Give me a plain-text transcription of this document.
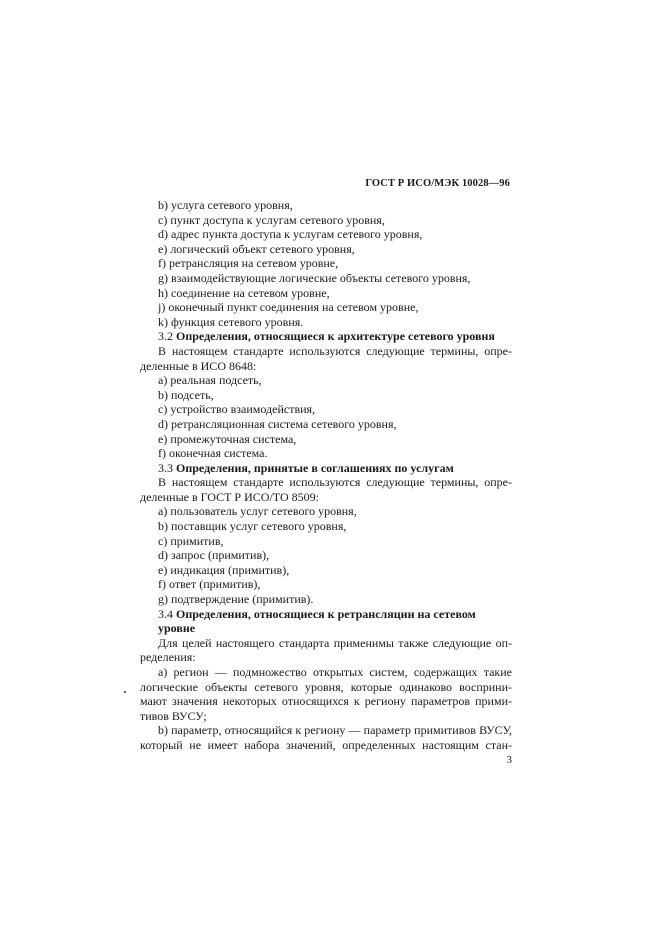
ГОСТ Р ИСО/МЭК 10028—96

b) услуга сетевого уровня,

c) пункт доступа к услугам сетевого уровня,

d) адрес пункта доступа к услугам сетевого уровня,

e) логический объект сетевого уровня,

f) ретрансляция на сетевом уровне,

g) взаимодействующие логические объекты сетевого уровня,

h) соединение на сетевом уровне,

j) оконечный пункт соединения на сетевом уровне,

k) функция сетевого уровня.

3.2 Определения, относящиеся к архитектуре сетевого уровня

В настоящем стандарте используются следующие термины, опре-

деленные в ИСО 8648:

a) реальная подсеть,

b) подсеть,

c) устройство взаимодействия,

d) ретрансляционная система сетевого уровня,

e) промежуточная система,

f) оконечная система.

3.3 Определения, принятые в соглашениях по услугам

В настоящем стандарте используются следующие термины, опре-

деленные в ГОСТ Р ИСО/ТО 8509:

a) пользователь услуг сетевого уровня,

b) поставщик услуг сетевого уровня,

c) примитив,

d) запрос (примитив),

e) индикация (примитив),

f) ответ (примитив),

g) подтверждение (примитив).

3.4 Определения, относящиеся к ретрансляции на сетевом уровне

Для целей настоящего стандарта применимы также следующие оп-

ределения:

a) регион — подмножество открытых систем, содержащих такие

логические объекты сетевого уровня, которые одинаково восприни-

мают значения некоторых относящихся к региону параметров прими-

тивов ВУСУ;

b) параметр, относящийся к региону — параметр примитивов ВУСУ,

который не имеет набора значений, определенных настоящим стан-

3
